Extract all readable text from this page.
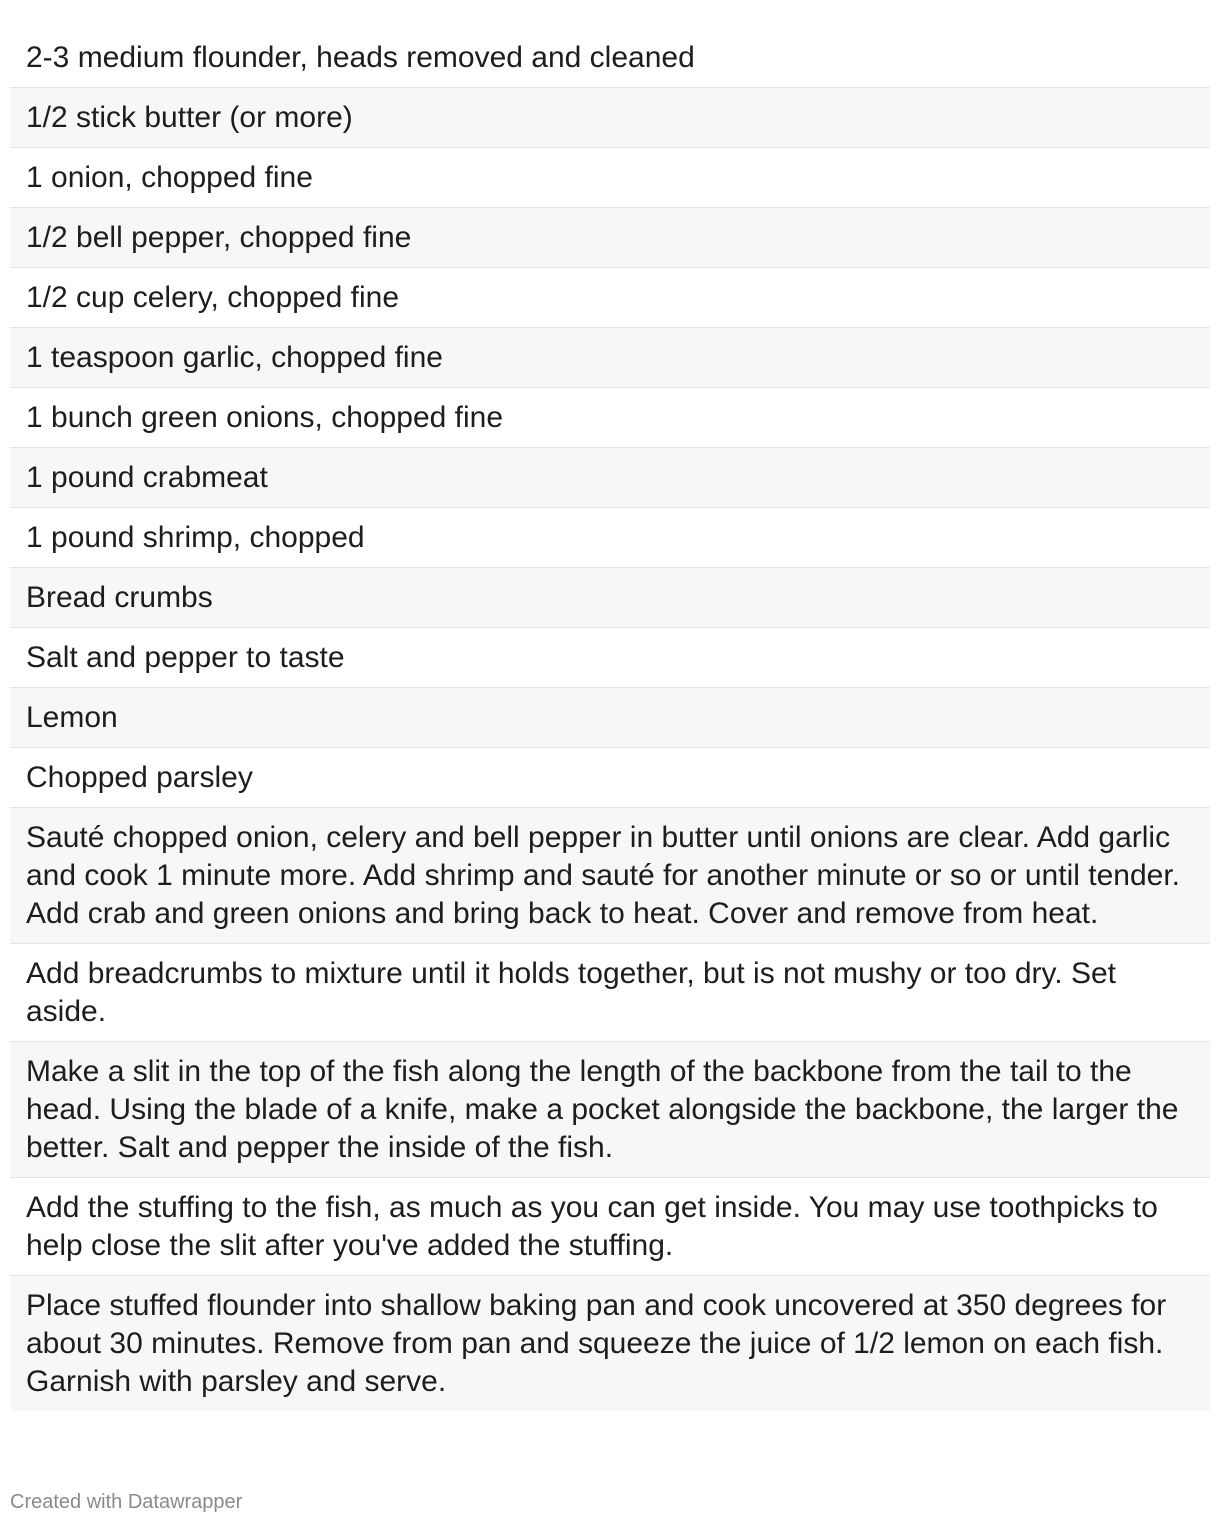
2-3 medium flounder, heads removed and cleaned
1/2 stick butter (or more)
1 onion, chopped fine
1/2 bell pepper, chopped fine
1/2 cup celery, chopped fine
1 teaspoon garlic, chopped fine
1 bunch green onions, chopped fine
1 pound crabmeat
1 pound shrimp, chopped
Bread crumbs
Salt and pepper to taste
Lemon
Chopped parsley
Sauté chopped onion, celery and bell pepper in butter until onions are clear. Add garlic and cook 1 minute more. Add shrimp and sauté for another minute or so or until tender. Add crab and green onions and bring back to heat. Cover and remove from heat.
Add breadcrumbs to mixture until it holds together, but is not mushy or too dry. Set aside.
Make a slit in the top of the fish along the length of the backbone from the tail to the head. Using the blade of a knife, make a pocket alongside the backbone, the larger the better. Salt and pepper the inside of the fish.
Add the stuffing to the fish, as much as you can get inside. You may use toothpicks to help close the slit after you've added the stuffing.
Place stuffed flounder into shallow baking pan and cook uncovered at 350 degrees for about 30 minutes. Remove from pan and squeeze the juice of 1/2 lemon on each fish. Garnish with parsley and serve.
Created with Datawrapper
